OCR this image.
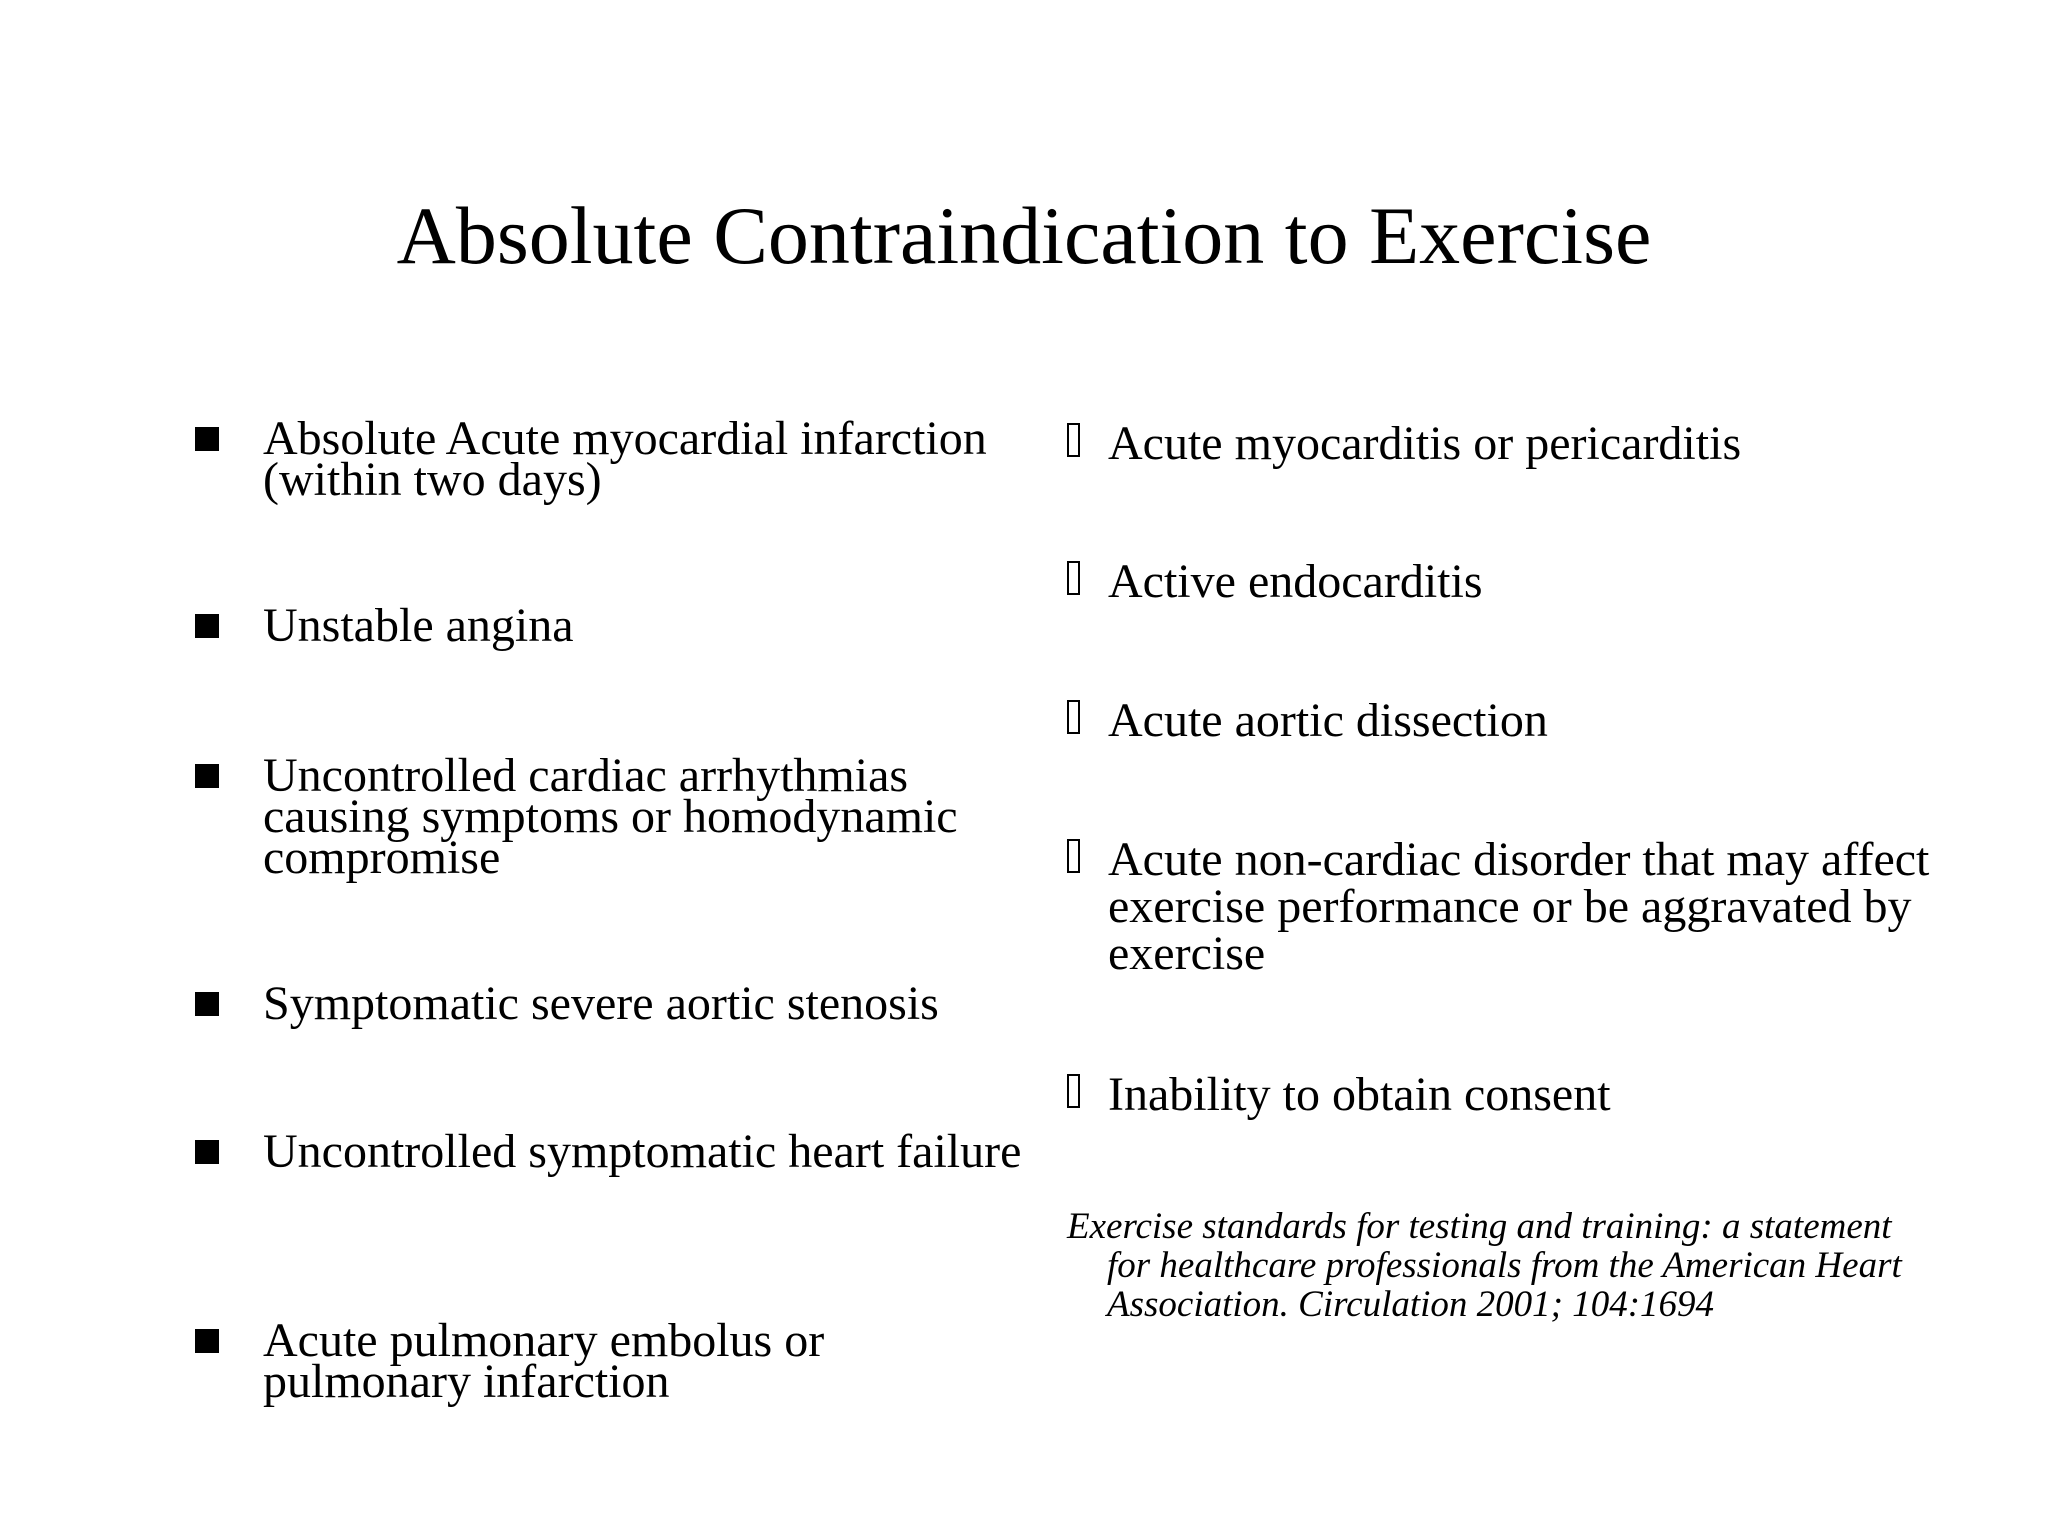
Absolute Contraindication to Exercise
Absolute Acute myocardial infarction (within two days)
Unstable angina
Uncontrolled cardiac arrhythmias causing symptoms or homodynamic compromise
Symptomatic severe aortic stenosis
Uncontrolled symptomatic heart failure
Acute pulmonary embolus or pulmonary infarction
Acute myocarditis or pericarditis
Active endocarditis
Acute aortic dissection
Acute non-cardiac disorder that may affect exercise performance or be aggravated by exercise
Inability to obtain consent
Exercise standards for testing and training: a statement for healthcare professionals from the American Heart Association. Circulation 2001; 104:1694
